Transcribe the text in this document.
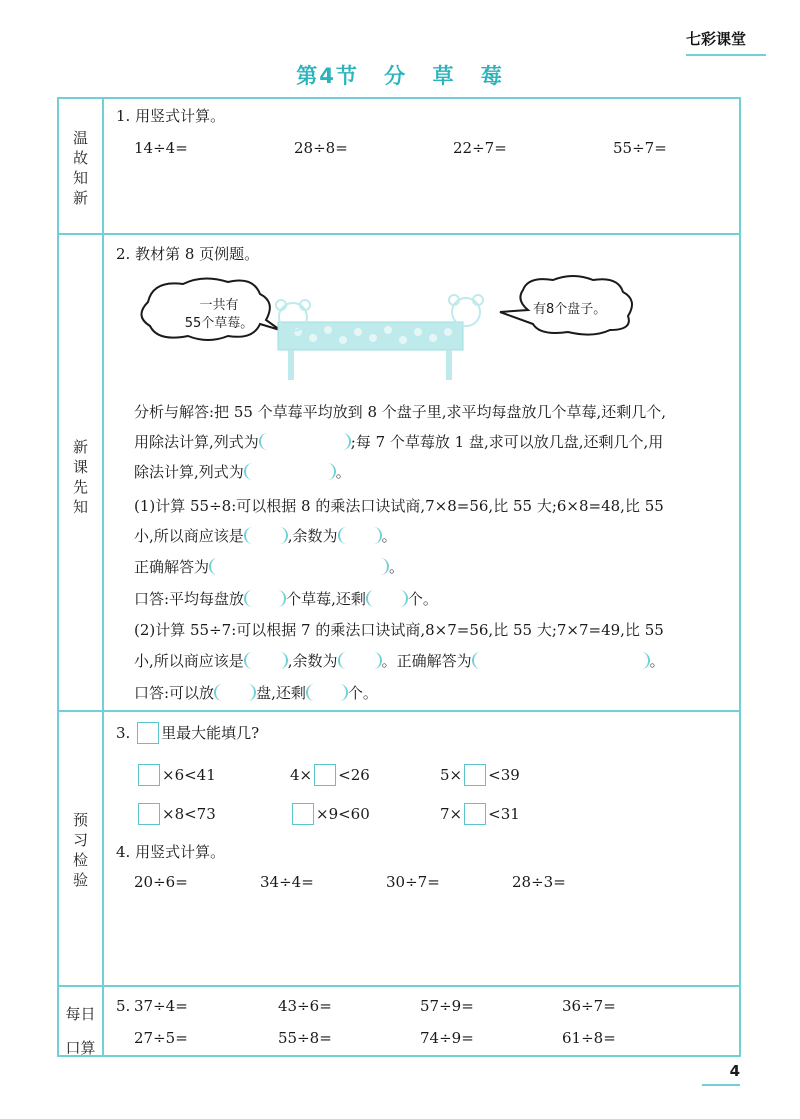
七彩课堂
第4节 分 草 莓
温
故
知
新
新
课
先
知
预
习
检
验
每日
口算
1. 用竖式计算。
14÷4=	28÷8=	22÷7=	55÷7=
2. 教材第 8 页例题。
一共有
55个草莓。
有8个盘子。
分析与解答:把 55 个草莓平均放到 8 个盘子里,求平均每盘放几个草莓,还剩几个,
用除法计算,列式为	;每 7 个草莓放 1 盘,求可以放几盘,还剩几个,用
除法计算,列式为	。
(1)计算 55÷8:可以根据 8 的乘法口诀试商,7×8=56,比 55 大;6×8=48,比 55
小,所以商应该是	,余数为	。
正确解答为	。
口答:平均每盘放	个草莓,还剩	个。
(2)计算 55÷7:可以根据 7 的乘法口诀试商,8×7=56,比 55 大;7×7=49,比 55
小,所以商应该是	,余数为	。正确解答为	。
口答:可以放	盘,还剩	个。
3. 里最大能填几?
×6<41	4× <26	5× <39
×8<73	×9<60	7× <31
4. 用竖式计算。
20÷6=	34÷4=	30÷7=	28÷3=
5. 37÷4=	43÷6=	57÷9=	36÷7=
27÷5=	55÷8=	74÷9=	61÷8=
4
